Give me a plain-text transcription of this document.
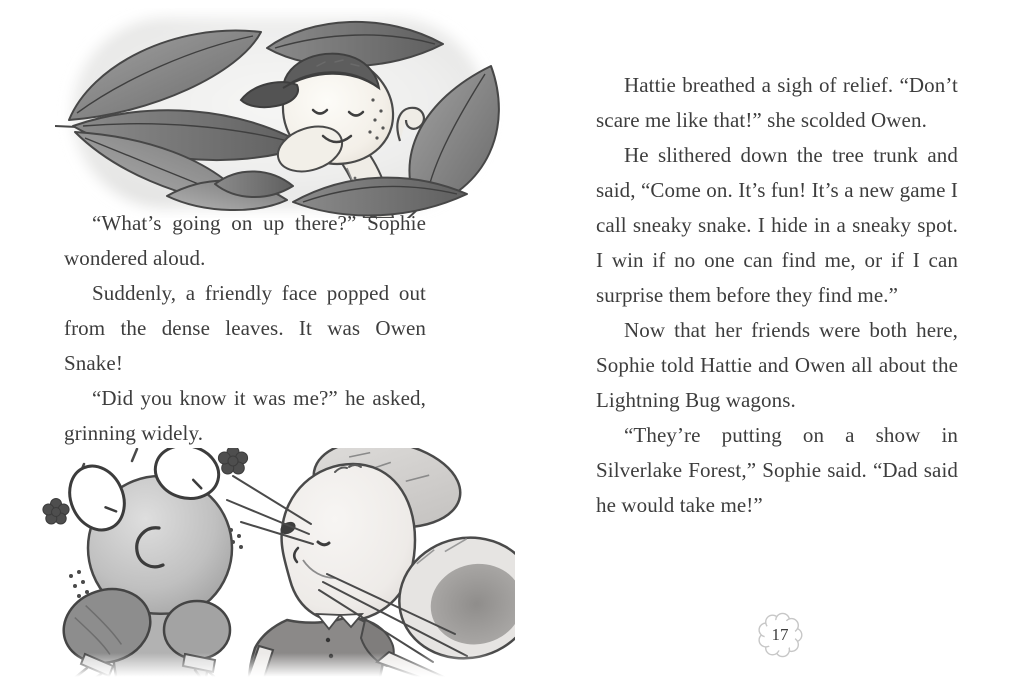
“What’s going on up there?” Sophie wondered aloud.

Suddenly, a friendly face popped out from the dense leaves. It was Owen Snake!

“Did you know it was me?” he asked, grinning widely.

Hattie breathed a sigh of relief. “Don’t scare me like that!” she scolded Owen.

He slithered down the tree trunk and said, “Come on. It’s fun! It’s a new game I call sneaky snake. I hide in a sneaky spot. I win if no one can find me, or if I can surprise them before they find me.”

Now that her friends were both here, Sophie told Hattie and Owen all about the Lightning Bug wagons.

“They’re putting on a show in Silverlake Forest,” Sophie said. “Dad said he would take me!”

17
